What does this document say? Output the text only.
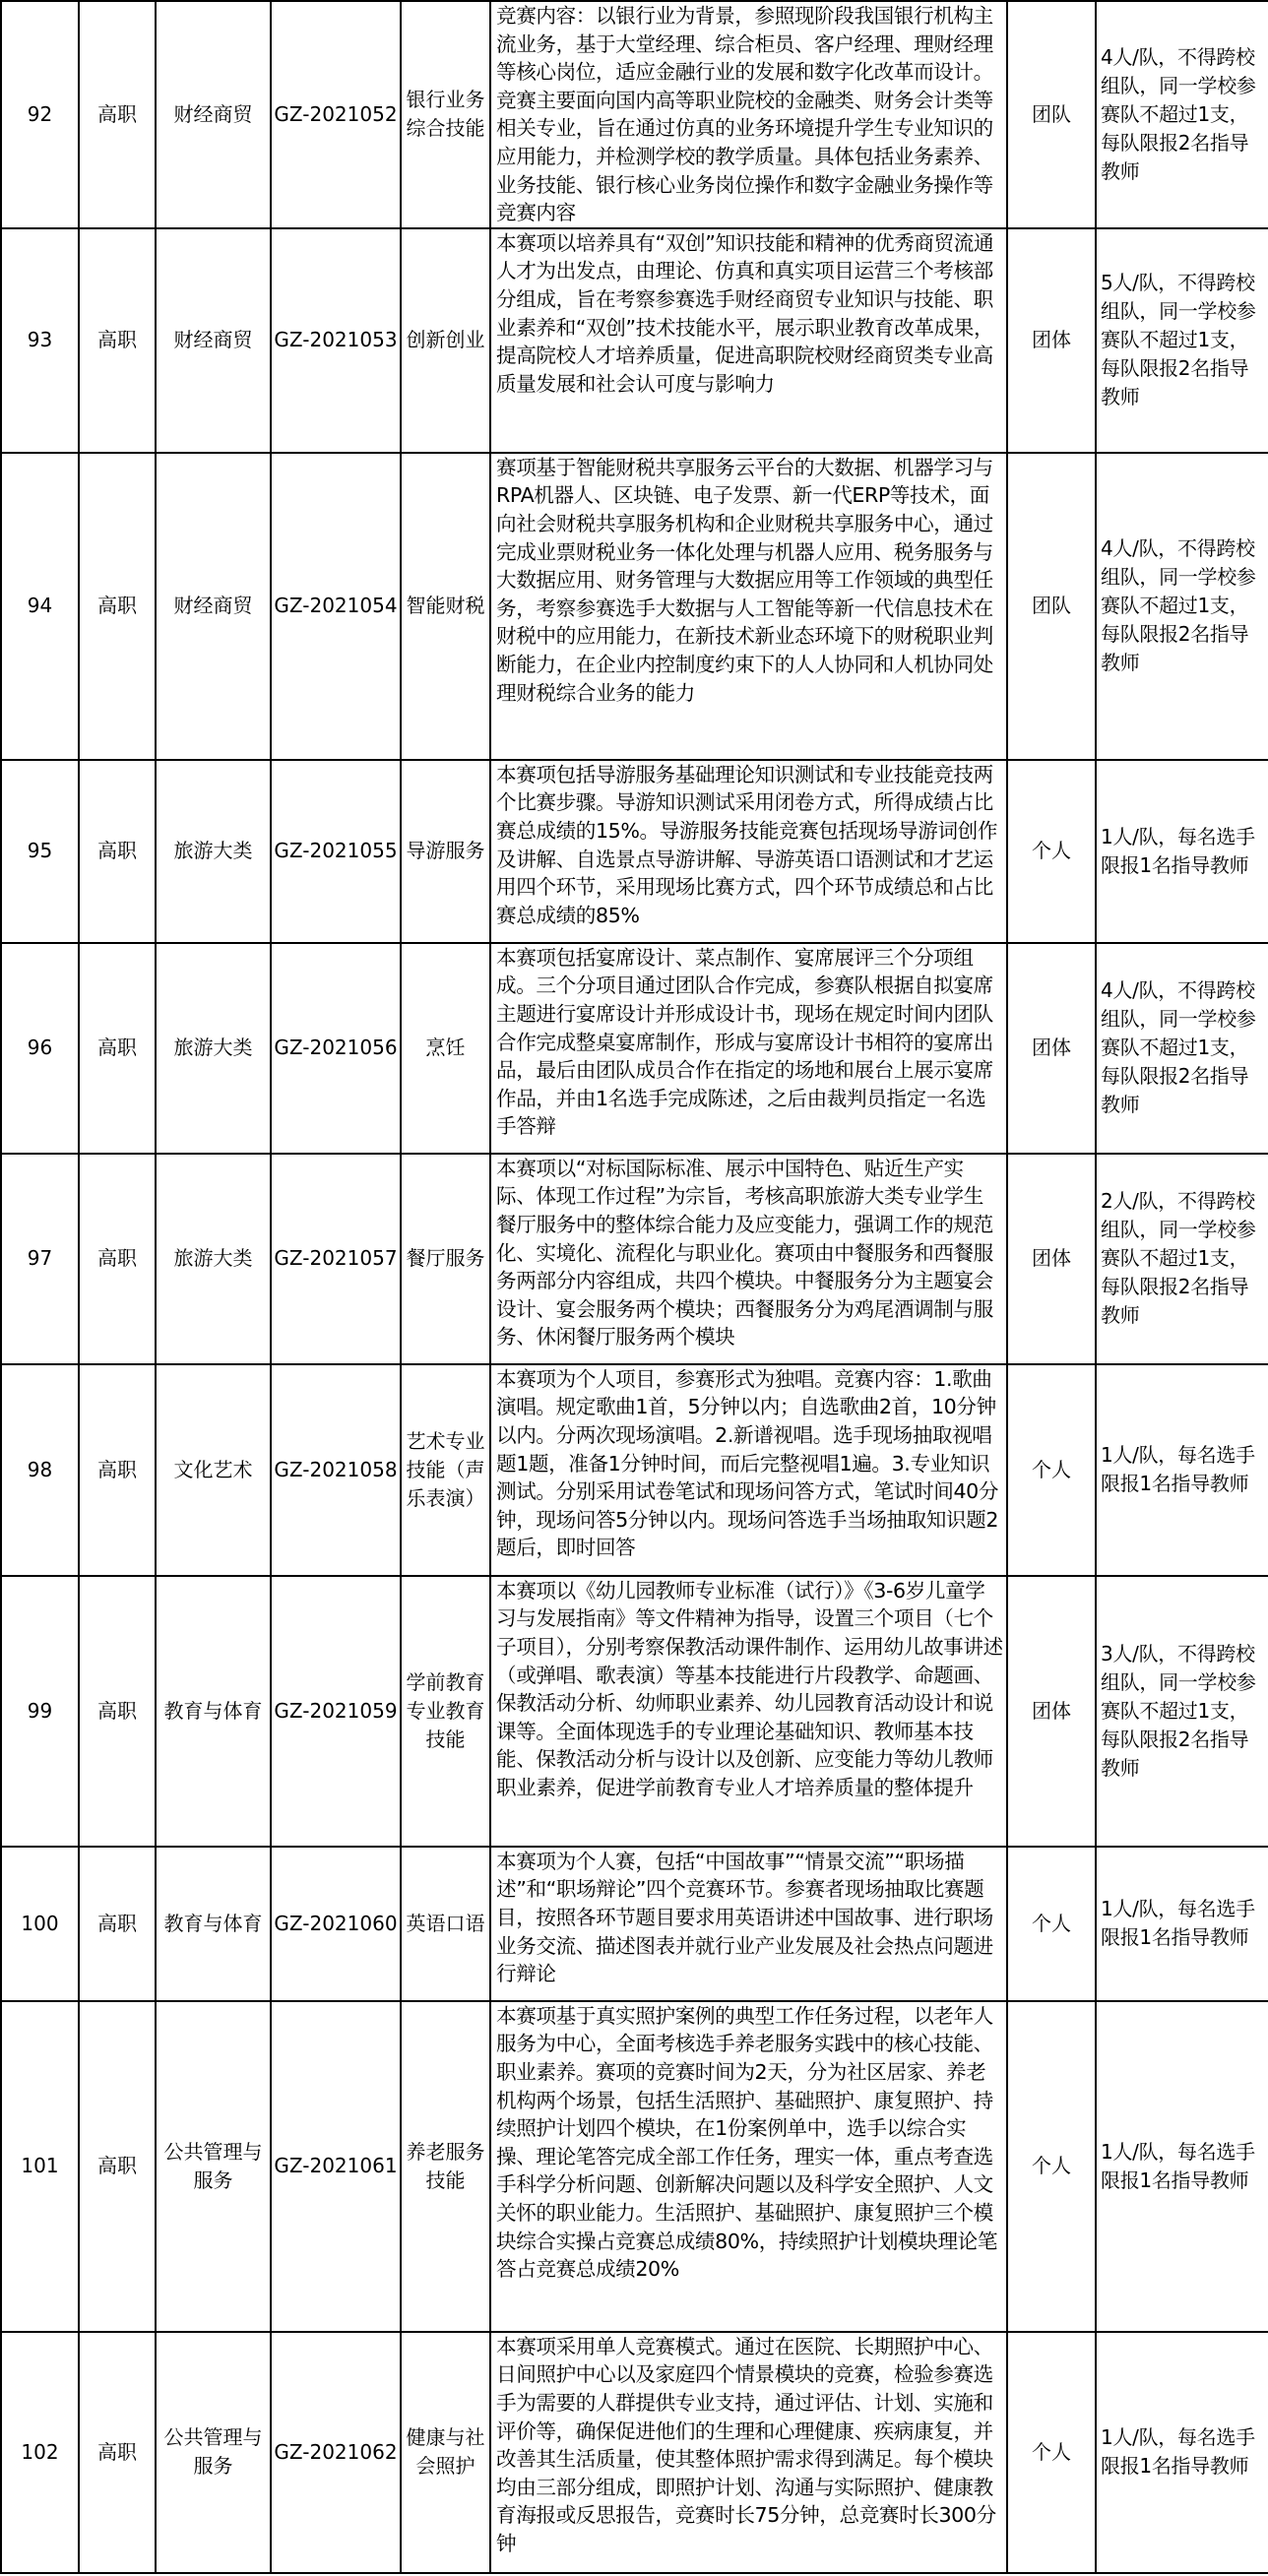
92	高职	财经商贸	GZ-2021052	银行业务综合技能	竞赛内容：以银行业为背景，参照现阶段我国银行机构主流业务，基于大堂经理、综合柜员、客户经理、理财经理等核心岗位，适应金融行业的发展和数字化改革而设计。竞赛主要面向国内高等职业院校的金融类、财务会计类等相关专业，旨在通过仿真的业务环境提升学生专业知识的应用能力，并检测学校的教学质量。具体包括业务素养、业务技能、银行核心业务岗位操作和数字金融业务操作等竞赛内容	团队	4人/队，不得跨校组队，同一学校参赛队不超过1支，每队限报2名指导教师
93	高职	财经商贸	GZ-2021053	创新创业	本赛项以培养具有“双创”知识技能和精神的优秀商贸流通人才为出发点，由理论、仿真和真实项目运营三个考核部分组成，旨在考察参赛选手财经商贸专业知识与技能、职业素养和“双创”技术技能水平，展示职业教育改革成果，提高院校人才培养质量，促进高职院校财经商贸类专业高质量发展和社会认可度与影响力	团体	5人/队，不得跨校组队，同一学校参赛队不超过1支，每队限报2名指导教师
94	高职	财经商贸	GZ-2021054	智能财税	赛项基于智能财税共享服务云平台的大数据、机器学习与RPA机器人、区块链、电子发票、新一代ERP等技术，面向社会财税共享服务机构和企业财税共享服务中心，通过完成业票财税业务一体化处理与机器人应用、税务服务与大数据应用、财务管理与大数据应用等工作领域的典型任务，考察参赛选手大数据与人工智能等新一代信息技术在财税中的应用能力，在新技术新业态环境下的财税职业判断能力，在企业内控制度约束下的人人协同和人机协同处理财税综合业务的能力	团队	4人/队，不得跨校组队，同一学校参赛队不超过1支，每队限报2名指导教师
95	高职	旅游大类	GZ-2021055	导游服务	本赛项包括导游服务基础理论知识测试和专业技能竞技两个比赛步骤。导游知识测试采用闭卷方式，所得成绩占比赛总成绩的15%。导游服务技能竞赛包括现场导游词创作及讲解、自选景点导游讲解、导游英语口语测试和才艺运用四个环节，采用现场比赛方式，四个环节成绩总和占比赛总成绩的85%	个人	1人/队，每名选手限报1名指导教师
96	高职	旅游大类	GZ-2021056	烹饪	本赛项包括宴席设计、菜点制作、宴席展评三个分项组成。三个分项目通过团队合作完成，参赛队根据自拟宴席主题进行宴席设计并形成设计书，现场在规定时间内团队合作完成整桌宴席制作，形成与宴席设计书相符的宴席出品，最后由团队成员合作在指定的场地和展台上展示宴席作品，并由1名选手完成陈述，之后由裁判员指定一名选手答辩	团体	4人/队，不得跨校组队，同一学校参赛队不超过1支，每队限报2名指导教师
97	高职	旅游大类	GZ-2021057	餐厅服务	本赛项以“对标国际标准、展示中国特色、贴近生产实际、体现工作过程”为宗旨，考核高职旅游大类专业学生餐厅服务中的整体综合能力及应变能力，强调工作的规范化、实境化、流程化与职业化。赛项由中餐服务和西餐服务两部分内容组成，共四个模块。中餐服务分为主题宴会设计、宴会服务两个模块；西餐服务分为鸡尾酒调制与服务、休闲餐厅服务两个模块	团体	2人/队，不得跨校组队，同一学校参赛队不超过1支，每队限报2名指导教师
98	高职	文化艺术	GZ-2021058	艺术专业技能（声乐表演）	本赛项为个人项目，参赛形式为独唱。竞赛内容：1.歌曲演唱。规定歌曲1首，5分钟以内；自选歌曲2首，10分钟以内。分两次现场演唱。2.新谱视唱。选手现场抽取视唱题1题，准备1分钟时间，而后完整视唱1遍。3.专业知识测试。分别采用试卷笔试和现场问答方式，笔试时间40分钟，现场问答5分钟以内。现场问答选手当场抽取知识题2题后，即时回答	个人	1人/队，每名选手限报1名指导教师
99	高职	教育与体育	GZ-2021059	学前教育专业教育技能	本赛项以《幼儿园教师专业标准（试行）》《3-6岁儿童学习与发展指南》等文件精神为指导，设置三个项目（七个子项目），分别考察保教活动课件制作、运用幼儿故事讲述（或弹唱、歌表演）等基本技能进行片段教学、命题画、保教活动分析、幼师职业素养、幼儿园教育活动设计和说课等。全面体现选手的专业理论基础知识、教师基本技能、保教活动分析与设计以及创新、应变能力等幼儿教师职业素养，促进学前教育专业人才培养质量的整体提升	团体	3人/队，不得跨校组队，同一学校参赛队不超过1支，每队限报2名指导教师
100	高职	教育与体育	GZ-2021060	英语口语	本赛项为个人赛，包括“中国故事”“情景交流”“职场描述”和“职场辩论”四个竞赛环节。参赛者现场抽取比赛题目，按照各环节题目要求用英语讲述中国故事、进行职场业务交流、描述图表并就行业产业发展及社会热点问题进行辩论	个人	1人/队，每名选手限报1名指导教师
101	高职	公共管理与服务	GZ-2021061	养老服务技能	本赛项基于真实照护案例的典型工作任务过程，以老年人服务为中心，全面考核选手养老服务实践中的核心技能、职业素养。赛项的竞赛时间为2天，分为社区居家、养老机构两个场景，包括生活照护、基础照护、康复照护、持续照护计划四个模块，在1份案例单中，选手以综合实操、理论笔答完成全部工作任务，理实一体，重点考查选手科学分析问题、创新解决问题以及科学安全照护、人文关怀的职业能力。生活照护、基础照护、康复照护三个模块综合实操占竞赛总成绩80%，持续照护计划模块理论笔答占竞赛总成绩20%	个人	1人/队，每名选手限报1名指导教师
102	高职	公共管理与服务	GZ-2021062	健康与社会照护	本赛项采用单人竞赛模式。通过在医院、长期照护中心、日间照护中心以及家庭四个情景模块的竞赛，检验参赛选手为需要的人群提供专业支持，通过评估、计划、实施和评价等，确保促进他们的生理和心理健康、疾病康复，并改善其生活质量，使其整体照护需求得到满足。每个模块均由三部分组成，即照护计划、沟通与实际照护、健康教育海报或反思报告，竞赛时长75分钟，总竞赛时长300分钟	个人	1人/队，每名选手限报1名指导教师
